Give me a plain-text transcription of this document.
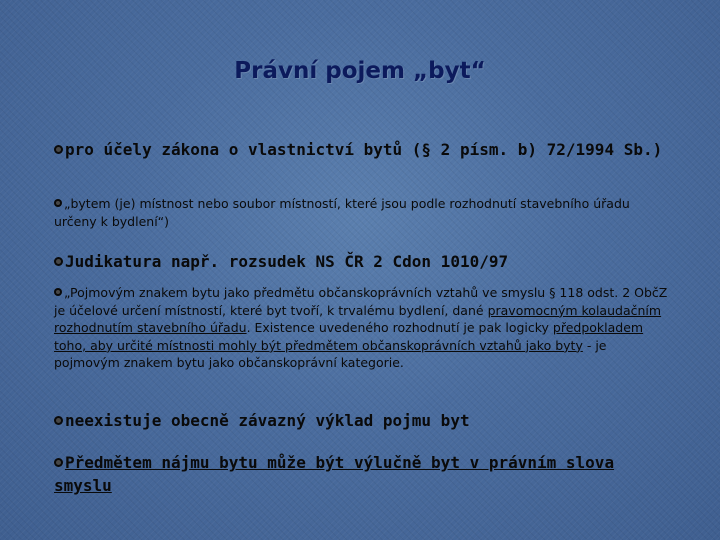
Právní pojem „byt“
pro účely zákona o vlastnictví bytů (§ 2 písm. b) 72/1994 Sb.)
„bytem (je) místnost nebo soubor místností, které jsou podle rozhodnutí stavebního úřadu určeny k bydlení“)
Judikatura např. rozsudek NS ČR 2 Cdon 1010/97
„Pojmovým znakem bytu jako předmětu občanskoprávních vztahů ve smyslu § 118 odst. 2 ObčZ je účelové určení místností, které byt tvoří, k trvalému bydlení, dané pravomocným kolaudačním rozhodnutím stavebního úřadu. Existence uvedeného rozhodnutí je pak logicky předpokladem toho, aby určité místnosti mohly být předmětem občanskoprávních vztahů jako byty - je pojmovým znakem bytu jako občanskoprávní kategorie.
neexistuje obecně závazný výklad pojmu byt
Předmětem nájmu bytu může být výlučně byt v právním slova smyslu
